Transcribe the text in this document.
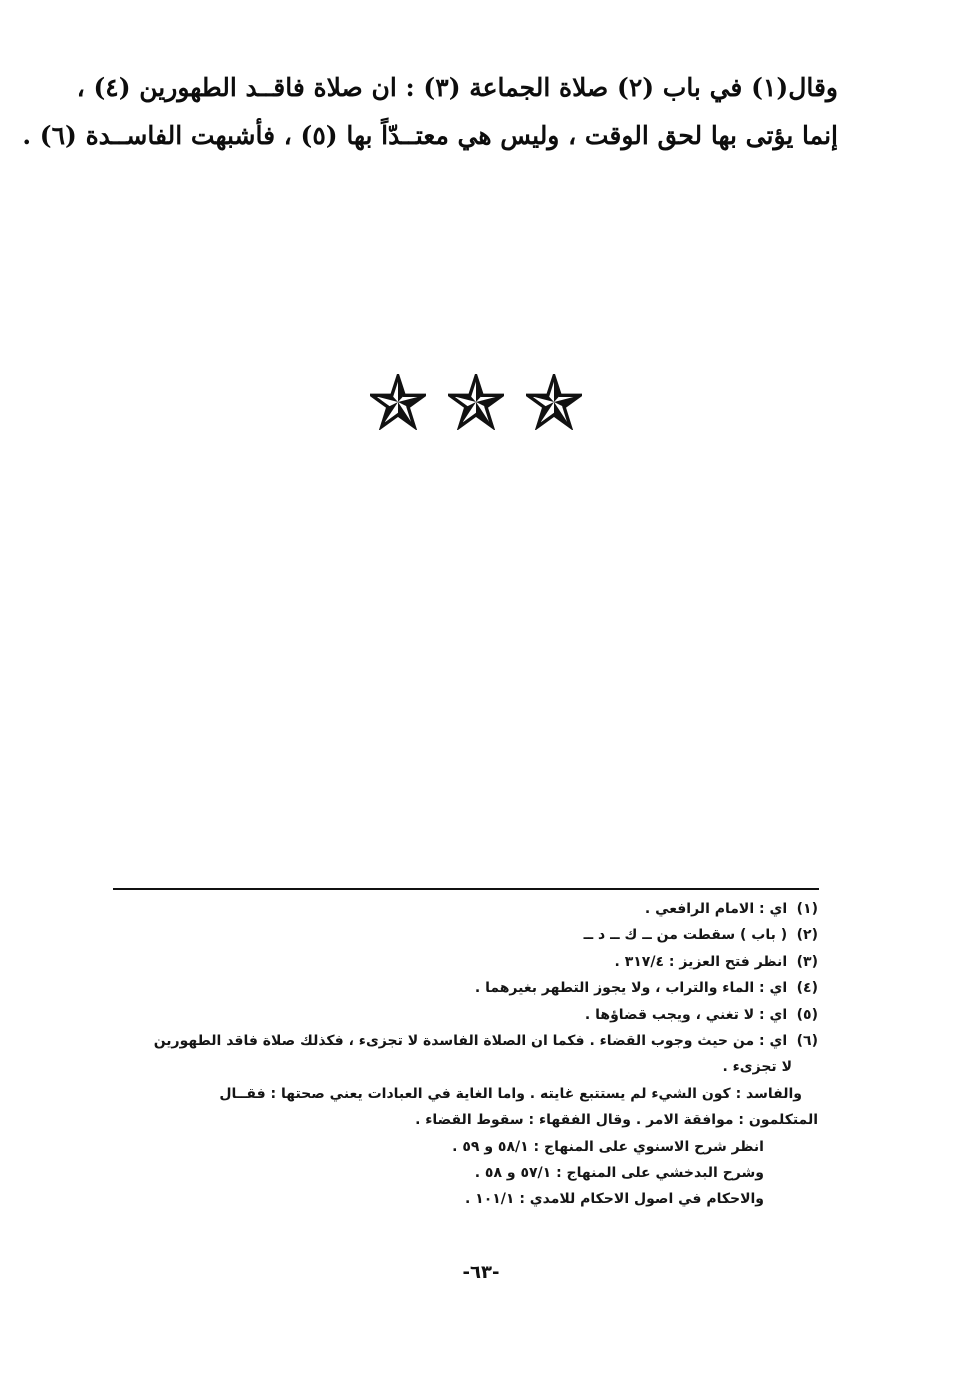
وقال(١) في باب (٢) صلاة الجماعة (٣) : ان صلاة فاقــد الطهورين (٤) ،
إنما يؤتى بها لحق الوقت ، وليس هي معتــدّاً بها (٥) ، فأشبهت الفاســدة (٦) .
(١) اي : الامام الرافعي .
(٢) ( باب ) سقطت من ــ ك ــ د ــ
(٣) انظر فتح العزيز : ٣١٧/٤ .
(٤) اي : الماء والتراب ، ولا يجوز التطهر بغيرهما .
(٥) اي : لا تغني ، ويجب قضاؤها .
(٦) اي : من حيث وجوب القضاء . فكما ان الصلاة الفاسدة لا تجزىء ، فكذلك صلاة فاقد الطهورين
لا تجزىء .
والفاسد : كون الشيء لم يستتبع غايته . واما الغاية في العبادات يعني صحتها : فقــال
المتكلمون : موافقة الامر . وقال الفقهاء : سقوط القضاء .
انظر شرح الاسنوي على المنهاج : ٥٨/١ و ٥٩ .
وشرح البدخشي على المنهاج : ٥٧/١ و ٥٨ .
والاحكام في اصول الاحكام للامدي : ١٠١/١ .
-٦٣-
